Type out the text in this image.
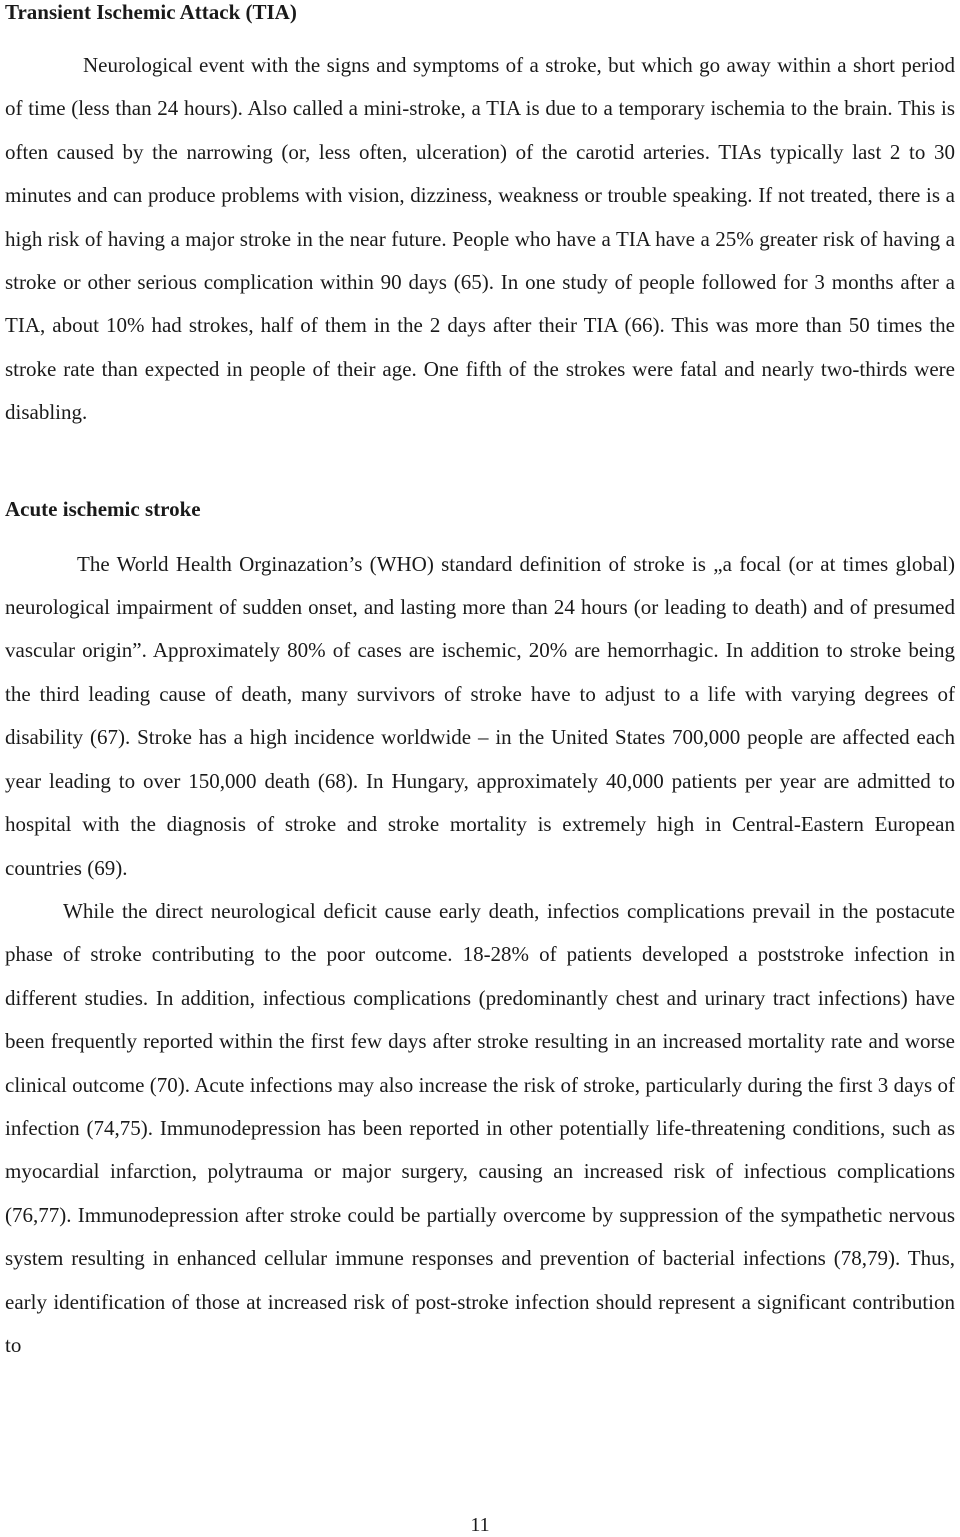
Transient Ischemic Attack (TIA)

Neurological event with the signs and symptoms of a stroke, but which go away within a short period of time (less than 24 hours). Also called a mini-stroke, a TIA is due to a temporary ischemia to the brain. This is often caused by the narrowing (or, less often, ulceration) of the carotid arteries. TIAs typically last 2 to 30 minutes and can produce problems with vision, dizziness, weakness or trouble speaking. If not treated, there is a high risk of having a major stroke in the near future. People who have a TIA have a 25% greater risk of having a stroke or other serious complication within 90 days (65). In one study of people followed for 3 months after a TIA, about 10% had strokes, half of them in the 2 days after their TIA (66). This was more than 50 times the stroke rate than expected in people of their age. One fifth of the strokes were fatal and nearly two-thirds were disabling.

Acute ischemic stroke

The World Health Orginazation’s (WHO) standard definition of stroke is „a focal (or at times global) neurological impairment of sudden onset, and lasting more than 24 hours (or leading to death) and of presumed vascular origin”. Approximately 80% of cases are ischemic, 20% are hemorrhagic. In addition to stroke being the third leading cause of death, many survivors of stroke have to adjust to a life with varying degrees of disability (67). Stroke has a high incidence worldwide – in the United States 700,000 people are affected each year leading to over 150,000 death (68). In Hungary, approximately 40,000 patients per year are admitted to hospital with the diagnosis of stroke and stroke mortality is extremely high in Central-Eastern European countries (69).

While the direct neurological deficit cause early death, infectios complications prevail in the postacute phase of stroke contributing to the poor outcome. 18-28% of patients developed a poststroke infection in different studies. In addition, infectious complications (predominantly chest and urinary tract infections) have been frequently reported within the first few days after stroke resulting in an increased mortality rate and worse clinical outcome (70). Acute infections may also increase the risk of stroke, particularly during the first 3 days of infection (74,75). Immunodepression has been reported in other potentially life-threatening conditions, such as myocardial infarction, polytrauma or major surgery, causing an increased risk of infectious complications (76,77). Immunodepression after stroke could be partially overcome by suppression of the sympathetic nervous system resulting in enhanced cellular immune responses and prevention of bacterial infections (78,79). Thus, early identification of those at increased risk of post-stroke infection should represent a significant contribution to

11
